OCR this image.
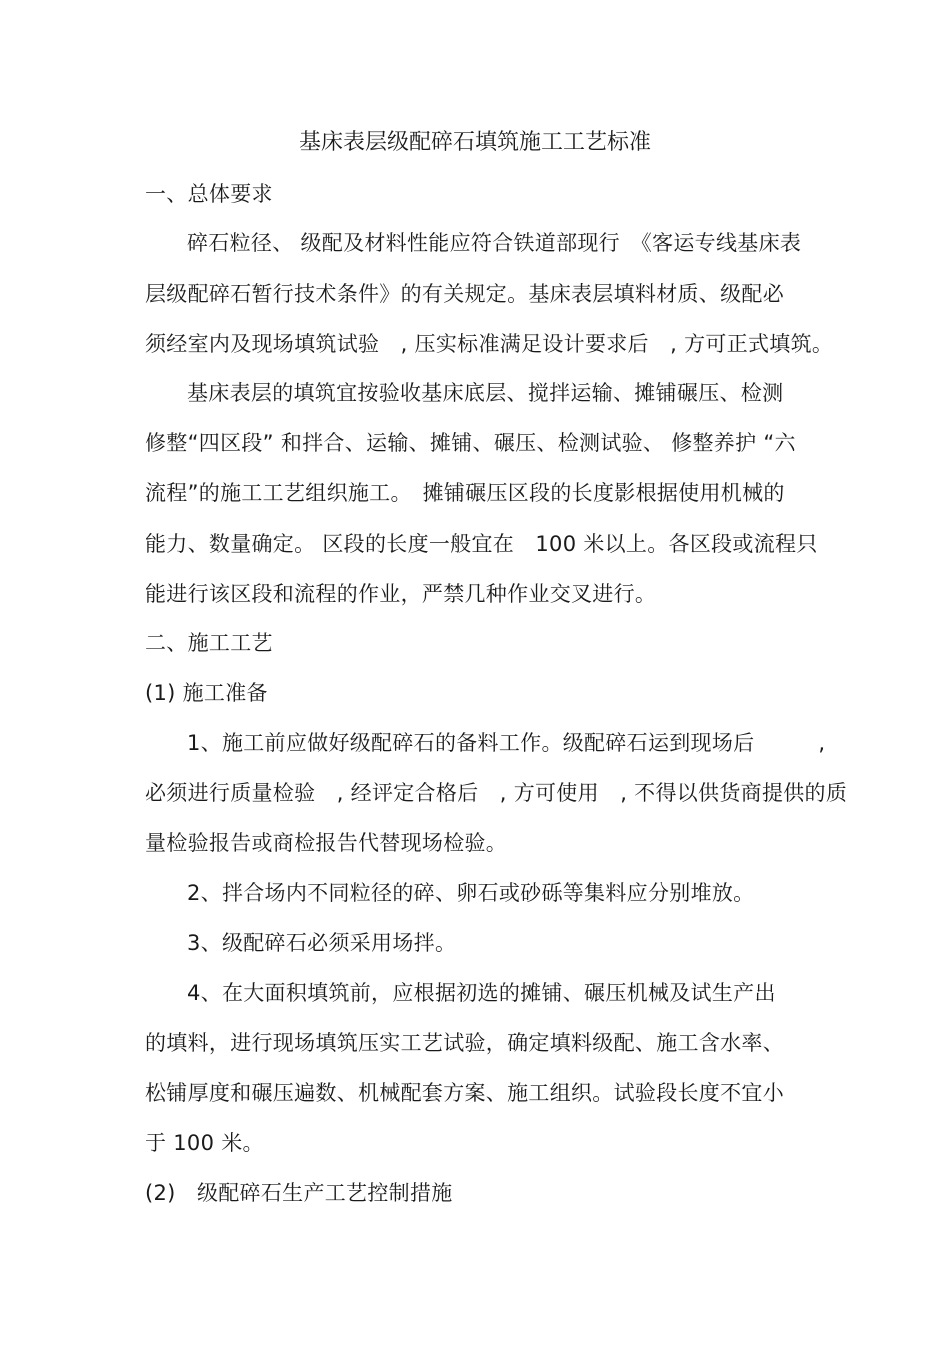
基床表层级配碎石填筑施工工艺标准
一、总体要求
碎石粒径、 级配及材料性能应符合铁道部现行　《客运专线基床表
层级配碎石暂行技术条件》的有关规定。基床表层填料材质、级配必
须经室内及现场填筑试验　, 压实标准满足设计要求后　, 方可正式填筑。
基床表层的填筑宜按验收基床底层、搅拌运输、摊铺碾压、检测
修整“四区段” 和拌合、运输、摊铺、碾压、检测试验、 修整养护 “六
流程”的施工工艺组织施工。　摊铺碾压区段的长度影根据使用机械的
能力、数量确定。 区段的长度一般宜在　100 米以上。各区段或流程只
能进行该区段和流程的作业，严禁几种作业交叉进行。
二、施工工艺
(1) 施工准备
1、施工前应做好级配碎石的备料工作。级配碎石运到现场后　　　,
必须进行质量检验　, 经评定合格后　, 方可使用　, 不得以供货商提供的质
量检验报告或商检报告代替现场检验。
2、拌合场内不同粒径的碎、卵石或砂砾等集料应分别堆放。
3、级配碎石必须采用场拌。
4、在大面积填筑前，应根据初选的摊铺、碾压机械及试生产出
的填料，进行现场填筑压实工艺试验，确定填料级配、施工含水率、
松铺厚度和碾压遍数、机械配套方案、施工组织。试验段长度不宜小
于 100 米。
(2)　级配碎石生产工艺控制措施
